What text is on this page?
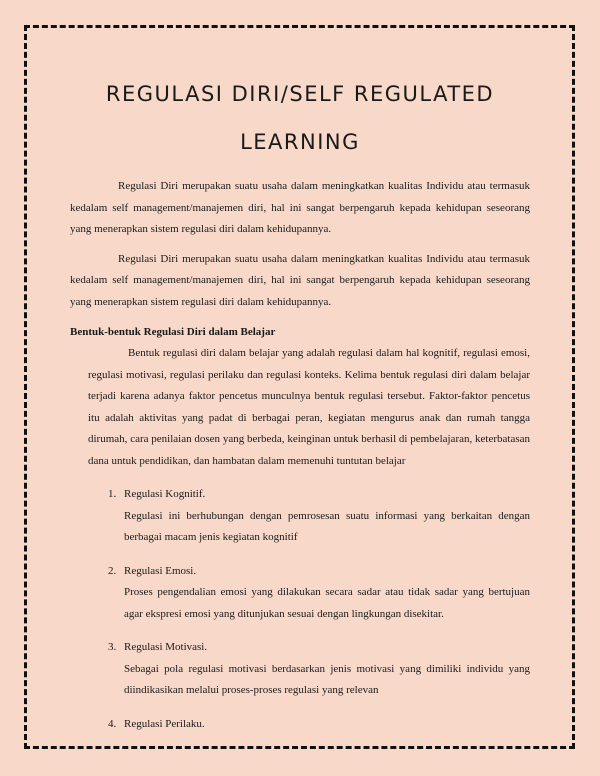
REGULASI DIRI/SELF REGULATED
LEARNING

Regulasi Diri merupakan suatu usaha dalam meningkatkan kualitas Individu atau termasuk kedalam self management/manajemen diri, hal ini sangat berpengaruh kepada kehidupan seseorang yang menerapkan sistem regulasi diri dalam kehidupannya.

Regulasi Diri merupakan suatu usaha dalam meningkatkan kualitas Individu atau termasuk kedalam self management/manajemen diri, hal ini sangat berpengaruh kepada kehidupan seseorang yang menerapkan sistem regulasi diri dalam kehidupannya.

Bentuk-bentuk Regulasi Diri dalam Belajar

Bentuk regulasi diri dalam belajar yang adalah regulasi dalam hal kognitif, regulasi emosi, regulasi motivasi, regulasi perilaku dan regulasi konteks. Kelima bentuk regulasi diri dalam belajar terjadi karena adanya faktor pencetus munculnya bentuk regulasi tersebut. Faktor-faktor pencetus itu adalah aktivitas yang padat di berbagai peran, kegiatan mengurus anak dan rumah tangga dirumah, cara penilaian dosen yang berbeda, keinginan untuk berhasil di pembelajaran, keterbatasan dana untuk pendidikan, dan hambatan dalam memenuhi tuntutan belajar

1. Regulasi Kognitif.
Regulasi ini berhubungan dengan pemrosesan suatu informasi yang berkaitan dengan berbagai macam jenis kegiatan kognitif
2. Regulasi Emosi.
Proses pengendalian emosi yang dilakukan secara sadar atau tidak sadar yang bertujuan agar ekspresi emosi yang ditunjukan sesuai dengan lingkungan disekitar.
3. Regulasi Motivasi.
Sebagai pola regulasi motivasi berdasarkan jenis motivasi yang dimiliki individu yang diindikasikan melalui proses-proses regulasi yang relevan
4. Regulasi Perilaku.
